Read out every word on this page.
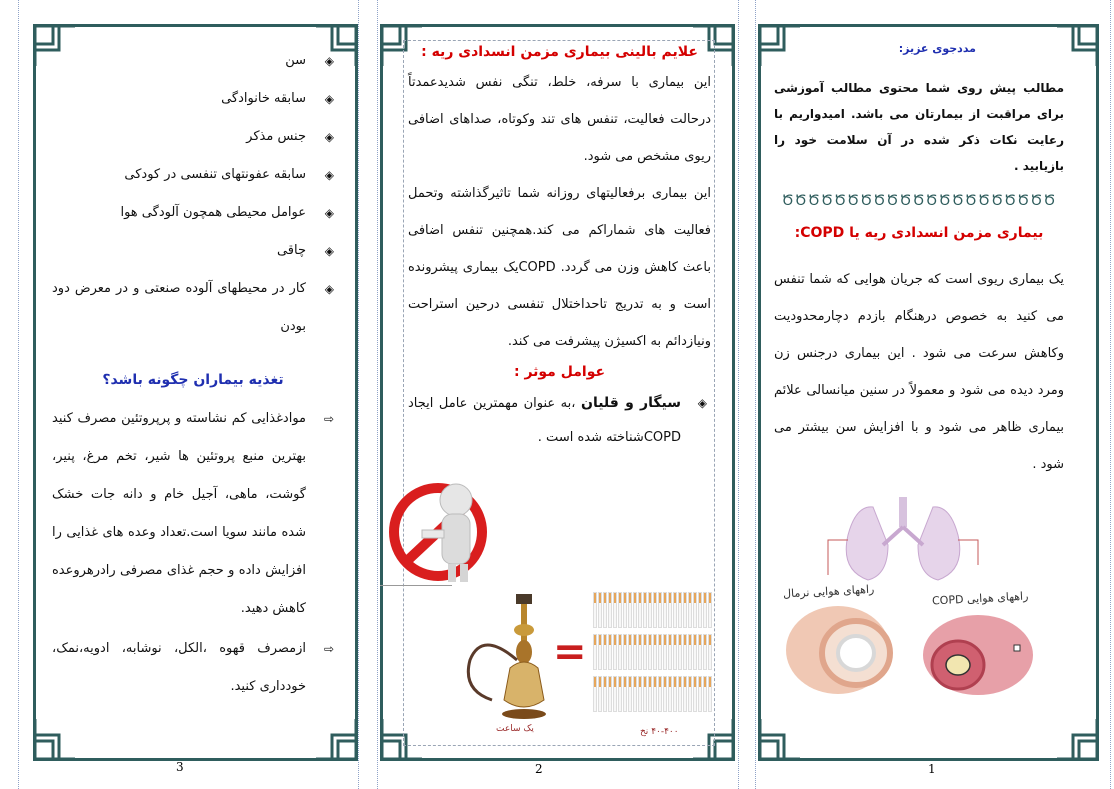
◈
سن
◈
سابقه خانوادگی
◈
جنس مذکر
◈
سابقه عفونتهای تنفسی در کودکی
◈
عوامل محیطی همچون آلودگی هوا
◈
چاقی
◈
کار در محیطهای آلوده صنعتی و در معرض دود بودن
تغذیه بیماران چگونه باشد؟
⇨
موادغذایی کم نشاسته و پرپروتئین مصرف کنید بهترین منبع پروتئین ها شیر، تخم مرغ، پنیر، گوشت، ماهی، آجیل خام و دانه جات خشک شده مانند سویا است.تعداد وعده های غذایی را افزایش داده و حجم غذای مصرفی رادرهروعده کاهش دهید.
⇨
ازمصرف قهوه ،الکل، نوشابه، ادویه،نمک، خودداری کنید.
3
علایم بالینی بیماری مزمن انسدادی ریه :

این بیماری با سرفه، خلط، تنگی نفس شدیدعمدتاً درحالت فعالیت، تنفس های تند وکوتاه، صداهای اضافی ریوی مشخص می شود.

این بیماری برفعالیتهای روزانه شما تاثیرگذاشته وتحمل فعالیت های شماراکم می کند.همچنین تنفس اضافی باعث کاهش وزن می گردد. COPDیک بیماری پیشرونده است و به تدریج تاحداختلال تنفسی درحین استراحت ونیازدائم به اکسیژن پیشرفت می کند.

عوامل موثر :
◈
سیگار و قلیان ،به عنوان مهمترین عامل ایجاد COPDشناخته شده است .
=
یک ساعت	۴۰-۴۰۰ نخ
2
مددجوی عزیز:

مطالب پیش روی شما محتوی مطالب آموزشی برای مراقبت از بیمارتان می باشد. امیدواریم با رعایت نکات ذکر شده در آن سلامت خود را بازیابید .

ԾԾԾԾԾԾԾԾԾԾԾԾԾԾԾԾԾԾԾԾԾ
بیماری مزمن انسدادی ریه یا COPD:

یک بیماری ریوی است که جریان هوایی که شما تنفس می کنید به خصوص درهنگام بازدم دچارمحدودیت وکاهش سرعت می شود . این بیماری درجنس زن ومرد دیده می شود و معمولاً در سنین میانسالی علائم بیماری ظاهر می شود و با افزایش سن بیشتر می شود .

راههای هوایی نرمال	راههای هوایی COPD
1
